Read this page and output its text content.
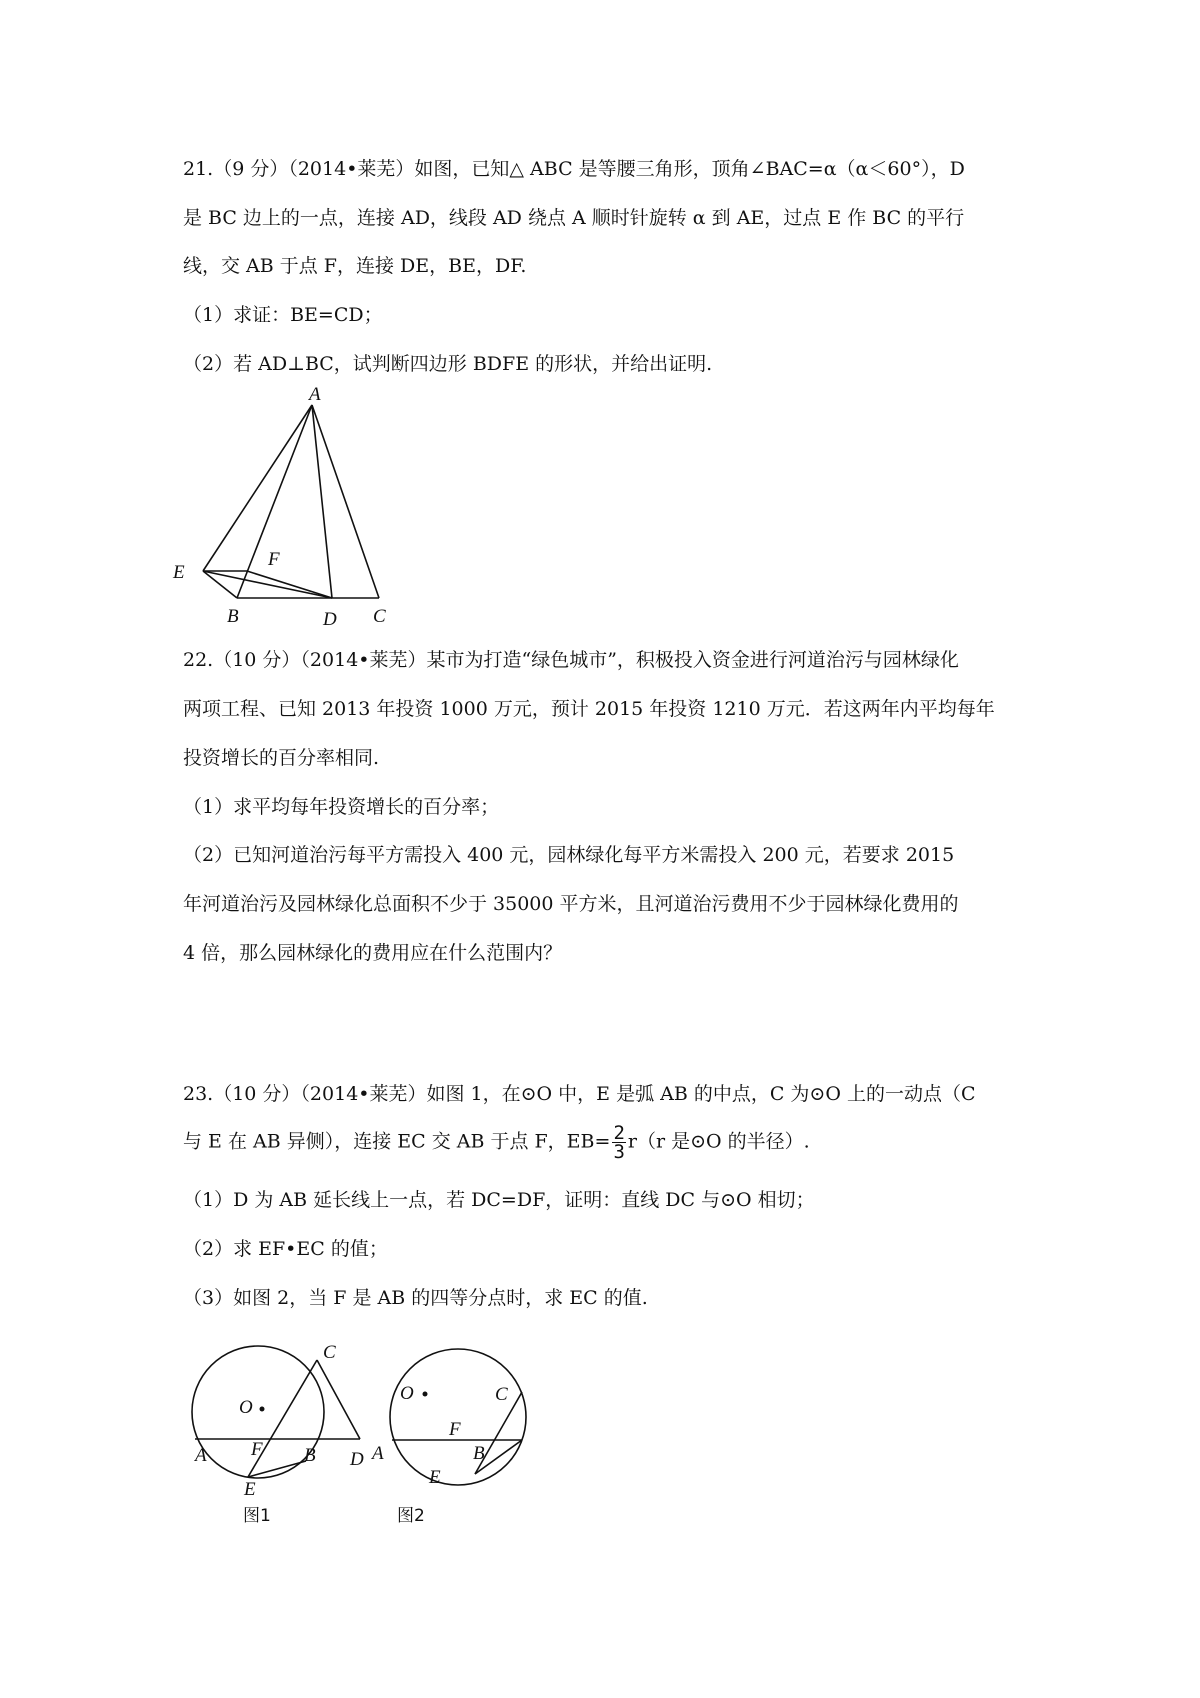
21.（9 分）（2014•莱芜）如图，已知△ ABC 是等腰三角形，顶角∠BAC=α（α＜60°），D
是 BC 边上的一点，连接 AD，线段 AD 绕点 A 顺时针旋转 α 到 AE，过点 E 作 BC 的平行
线，交 AB 于点 F，连接 DE，BE，DF.
（1）求证：BE=CD；
（2）若 AD⊥BC，试判断四边形 BDFE 的形状，并给出证明.
A
E
F
B	D C
22.（10 分）（2014•莱芜）某市为打造“绿色城市”，积极投入资金进行河道治污与园林绿化
两项工程、已知 2013 年投资 1000 万元，预计 2015 年投资 1210 万元．若这两年内平均每年
投资增长的百分率相同.
（1）求平均每年投资增长的百分率；
（2）已知河道治污每平方需投入 400 元，园林绿化每平方米需投入 200 元，若要求 2015
年河道治污及园林绿化总面积不少于 35000 平方米，且河道治污费用不少于园林绿化费用的
4 倍，那么园林绿化的费用应在什么范围内？
23.（10 分）（2014•莱芜）如图 1，在⊙O 中，E 是弧 AB 的中点，C 为⊙O 上的一动点（C
与 E 在 AB 异侧），连接 EC 交 AB 于点 F，$EB= \frac{2}{3} r(r$ 是⊙O 的半径）.
（1）D 为 AB 延长线上一点，若 DC=DF，证明：直线 DC 与⊙O 相切；
（2）求 EF•EC 的值；
（3）如图 2，当 F 是 AB 的四等分点时，求 EC 的值.
O
C
F
A
E
B D
图1
O	C
F
A
E
B
图2
